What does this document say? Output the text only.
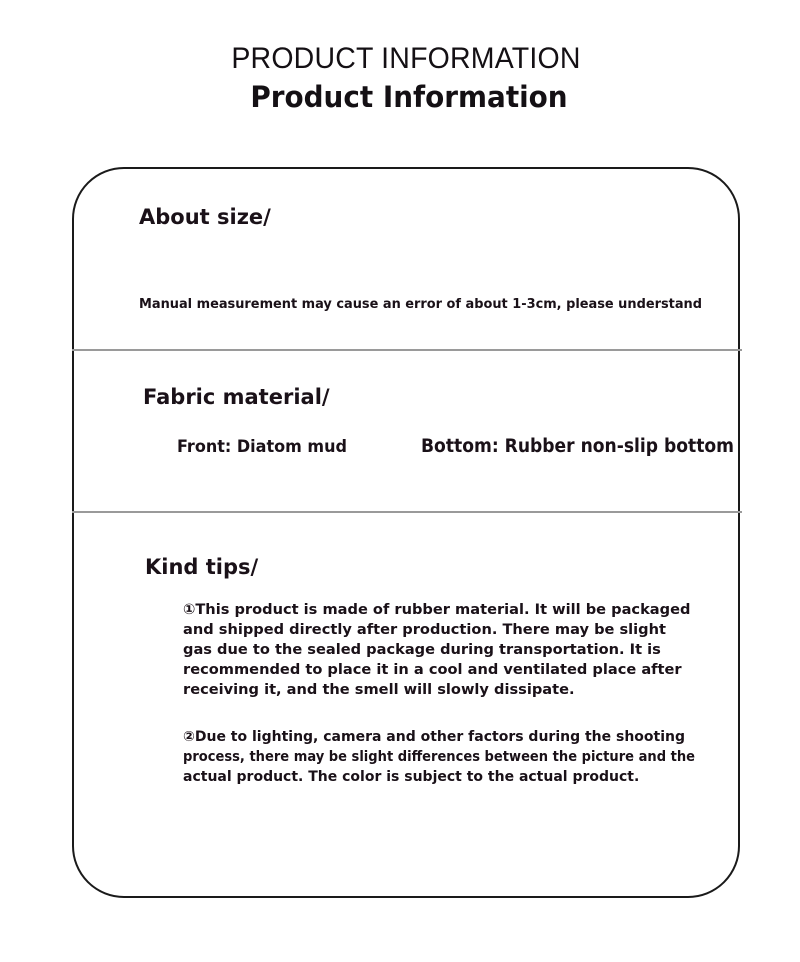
PRODUCT INFORMATION
Product Information
About size/
Manual measurement may cause an error of about 1-3cm, please understand
Fabric material/
Front: Diatom mud	Bottom: Rubber non-slip bottom
Kind tips/
①This product is made of rubber material. It will be packaged and shipped directly after production. There may be slight gas due to the sealed package during transportation. It is recommended to place it in a cool and ventilated place after receiving it, and the smell will slowly dissipate.
②Due to lighting, camera and other factors during the shooting process, there may be slight differences between the picture and the actual product. The color is subject to the actual product.
